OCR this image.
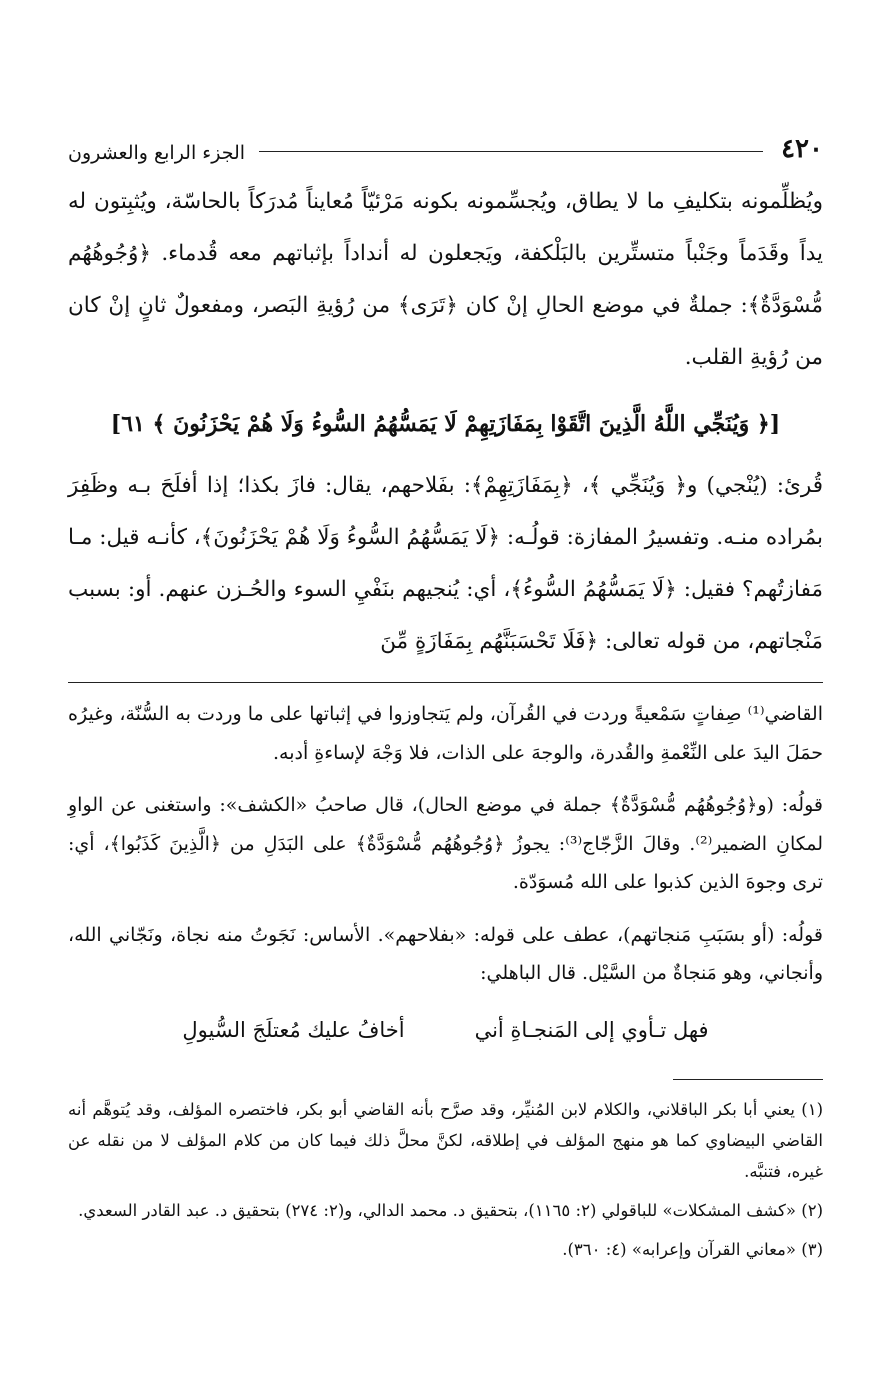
٤٢٠
الجزء الرابع والعشرون

ويُظلِّمونه بتكليفِ ما لا يطاق، ويُجسِّمونه بكونه مَرْئيّاً مُعايناً مُدرَكاً بالحاسّة، ويُثبِتون له يداً وقَدَماً وجَنْباً متستِّرين بالبَلْكفة، ويَجعلون له أنداداً بإثباتهم معه قُدماء. ﴿وُجُوهُهُم مُّسْوَدَّةٌ﴾: جملةٌ في موضع الحالِ إنْ كان ﴿تَرَى﴾ من رُؤيةِ البَصر، ومفعولٌ ثانٍ إنْ كان من رُؤيةِ القلب.

[﴿ وَيُنَجِّي اللَّهُ الَّذِينَ اتَّقَوْا بِمَفَازَتِهِمْ لَا يَمَسُّهُمُ السُّوءُ وَلَا هُمْ يَحْزَنُونَ ﴾ ٦١]

قُرئ: (يُنْجي) و﴿ وَيُنَجِّي ﴾، ﴿بِمَفَازَتِهِمْ﴾: بفَلاحهم، يقال: فازَ بكذا؛ إذا أفلَحَ بـه وظَفِرَ بمُراده منـه. وتفسيرُ المفازة: قولُـه: ﴿لَا يَمَسُّهُمُ السُّوءُ وَلَا هُمْ يَحْزَنُونَ﴾، كأنـه قيل: مـا مَفازتُهم؟ فقيل: ﴿لَا يَمَسُّهُمُ السُّوءُ﴾، أي: يُنجيهم بنَفْيِ السوء والحُـزن عنهم. أو: بسبب مَنْجاتهم، من قوله تعالى: ﴿فَلَا تَحْسَبَنَّهُم بِمَفَازَةٍ مِّنَ

القاضي⁽¹⁾ صِفاتٍ سَمْعيةً وردت في القُرآن، ولم يَتجاوزوا في إثباتها على ما وردت به السُّنّة، وغيرُه حمَلَ اليدَ على النِّعْمةِ والقُدرة، والوجهَ على الذات، فلا وَجْهَ لإساءةِ أدبه.

قولُه: (و﴿وُجُوهُهُم مُّسْوَدَّةٌ﴾ جملة في موضع الحال)، قال صاحبُ «الكشف»: واستغنى عن الواوِ لمكانِ الضمير⁽²⁾. وقالَ الزَّجّاج⁽³⁾: يجوزُ ﴿وُجُوهُهُم مُّسْوَدَّةٌ﴾ على البَدَلِ من ﴿الَّذِينَ كَذَبُوا﴾، أي: ترى وجوهَ الذين كذبوا على الله مُسوَدّة.

قولُه: (أو بسَبَبِ مَنجاتهم)، عطف على قوله: «بفلاحهم». الأساس: نَجَوتُ منه نجاة، ونَجّاني الله، وأنجاني، وهو مَنجاةٌ من السَّيْل. قال الباهلي:

فهل تـأوي إلى المَنجـاةِ أني
أخافُ عليك مُعتلَجَ السُّيولِ

(١) يعني أبا بكر الباقلاني، والكلام لابن المُنيِّر، وقد صرَّح بأنه القاضي أبو بكر، فاختصره المؤلف، وقد يُتوهَّم أنه القاضي البيضاوي كما هو منهج المؤلف في إطلاقه، لكنَّ محلَّ ذلك فيما كان من كلام المؤلف لا من نقله عن غيره، فتنبَّه.

(٢) «كشف المشكلات» للباقولي (٢: ١١٦٥)، بتحقيق د. محمد الدالي، و(٢: ٢٧٤) بتحقيق د. عبد القادر السعدي.

(٣) «معاني القرآن وإعرابه» (٤: ٣٦٠).
